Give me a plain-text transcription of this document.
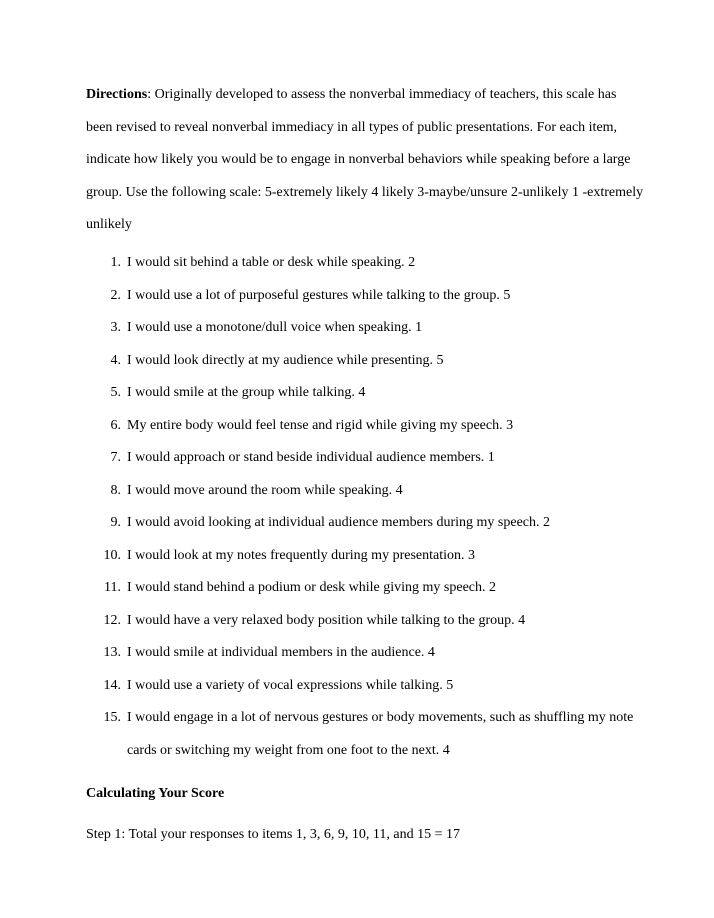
Directions: Originally developed to assess the nonverbal immediacy of teachers, this scale has been revised to reveal nonverbal immediacy in all types of public presentations. For each item, indicate how likely you would be to engage in nonverbal behaviors while speaking before a large group. Use the following scale: 5-extremely likely 4 likely 3-maybe/unsure 2-unlikely 1 -extremely unlikely

1. I would sit behind a table or desk while speaking. 2
2. I would use a lot of purposeful gestures while talking to the group. 5
3. I would use a monotone/dull voice when speaking. 1
4. I would look directly at my audience while presenting. 5
5. I would smile at the group while talking. 4
6. My entire body would feel tense and rigid while giving my speech. 3
7. I would approach or stand beside individual audience members. 1
8. I would move around the room while speaking. 4
9. I would avoid looking at individual audience members during my speech. 2
10. I would look at my notes frequently during my presentation. 3
11. I would stand behind a podium or desk while giving my speech. 2
12. I would have a very relaxed body position while talking to the group. 4
13. I would smile at individual members in the audience. 4
14. I would use a variety of vocal expressions while talking. 5
15. I would engage in a lot of nervous gestures or body movements, such as shuffling my note cards or switching my weight from one foot to the next. 4
Calculating Your Score

Step 1: Total your responses to items 1, 3, 6, 9, 10, 11, and 15 = 17
